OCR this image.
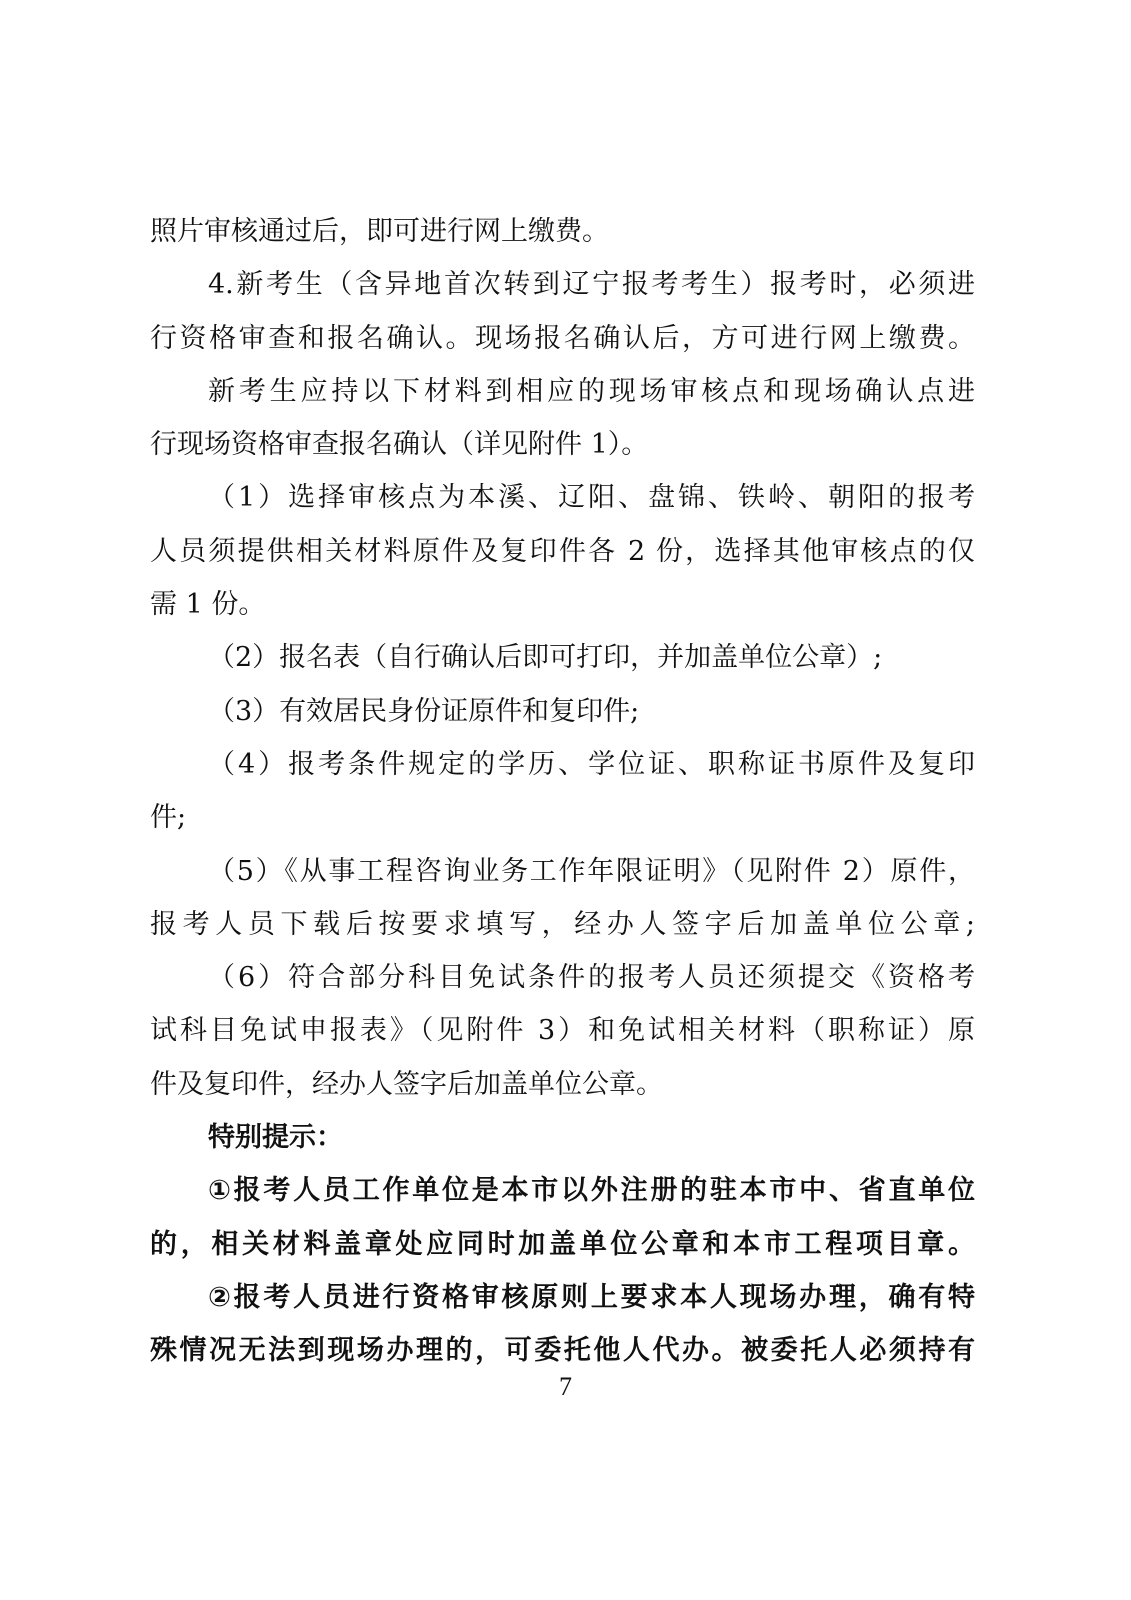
照片审核通过后，即可进行网上缴费。
4.新考生（含异地首次转到辽宁报考考生）报考时，必须进
行资格审查和报名确认。现场报名确认后，方可进行网上缴费。
新考生应持以下材料到相应的现场审核点和现场确认点进
行现场资格审查报名确认（详见附件 1）。
（1）选择审核点为本溪、辽阳、盘锦、铁岭、朝阳的报考
人员须提供相关材料原件及复印件各 2 份，选择其他审核点的仅
需 1 份。
（2）报名表（自行确认后即可打印，并加盖单位公章）;
（3）有效居民身份证原件和复印件;
（4）报考条件规定的学历、学位证、职称证书原件及复印
件;
（5）《从事工程咨询业务工作年限证明》（见附件 2）原件，
报考人员下载后按要求填写，经办人签字后加盖单位公章;
（6）符合部分科目免试条件的报考人员还须提交《资格考
试科目免试申报表》（见附件 3）和免试相关材料（职称证）原
件及复印件，经办人签字后加盖单位公章。
特别提示：
①报考人员工作单位是本市以外注册的驻本市中、省直单位
的，相关材料盖章处应同时加盖单位公章和本市工程项目章。
②报考人员进行资格审核原则上要求本人现场办理，确有特
殊情况无法到现场办理的，可委托他人代办。被委托人必须持有
7
